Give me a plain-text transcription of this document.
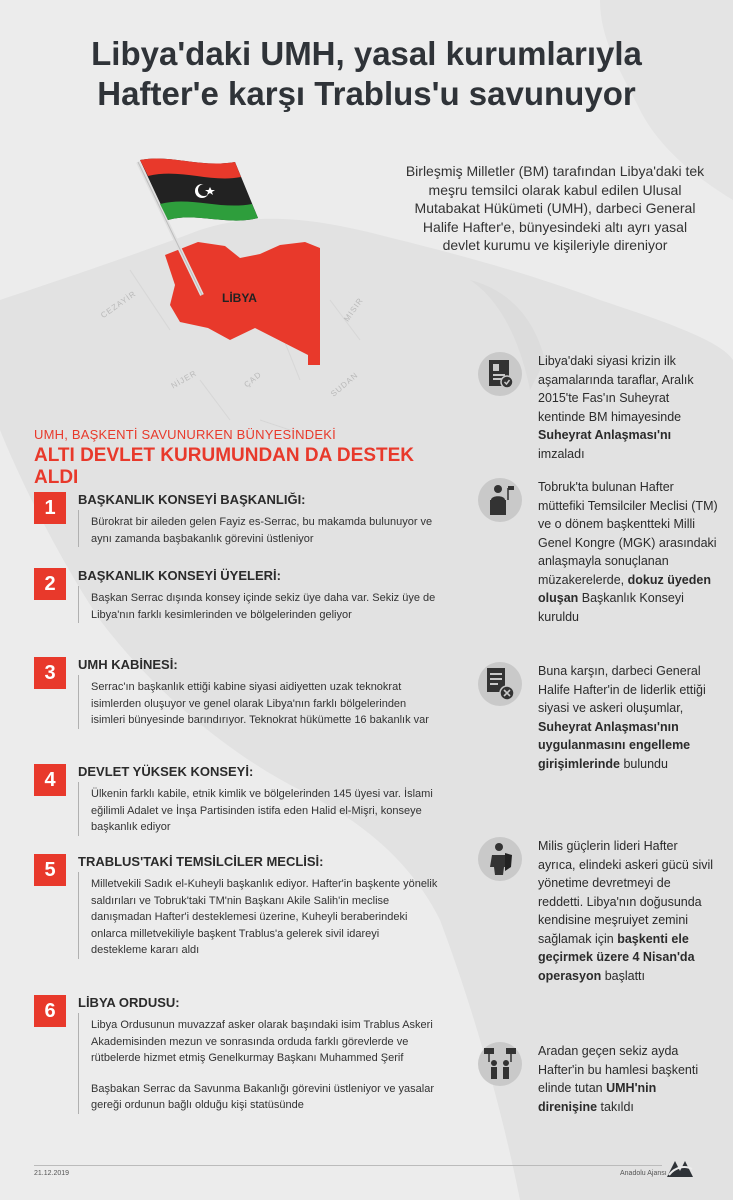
Libya'daki UMH, yasal kurumlarıyla
Hafter'e karşı Trablus'u savunuyor
LİBYA
CEZAYİR	MISIR
NİJER	ÇAD	SUDAN
Birleşmiş Milletler (BM) tarafından Libya'daki tek meşru temsilci olarak kabul edilen Ulusal Mutabakat Hükümeti (UMH), darbeci General Halife Hafter'e, bünyesindeki altı ayrı yasal devlet kurumu ve kişileriyle direniyor
UMH, BAŞKENTİ SAVUNURKEN BÜNYESİNDEKİ
ALTI DEVLET KURUMUNDAN DA DESTEK ALDI
1	BAŞKANLIK KONSEYİ BAŞKANLIĞI:

Bürokrat bir aileden gelen Fayiz es-Serrac, bu makamda bulunuyor ve aynı zamanda başbakanlık görevini üstleniyor

2	BAŞKANLIK KONSEYİ ÜYELERİ:

Başkan Serrac dışında konsey içinde sekiz üye daha var. Sekiz üye de Libya'nın farklı kesimlerinden ve bölgelerinden geliyor

3	UMH KABİNESİ:

Serrac'ın başkanlık ettiği kabine siyasi aidiyetten uzak teknokrat isimlerden oluşuyor ve genel olarak Libya'nın farklı bölgelerinden isimleri bünyesinde barındırıyor. Teknokrat hükümette 16 bakanlık var

4	DEVLET YÜKSEK KONSEYİ:

Ülkenin farklı kabile, etnik kimlik ve bölgelerinden 145 üyesi var. İslami eğilimli Adalet ve İnşa Partisinden istifa eden Halid el-Mişri, konseye başkanlık ediyor

5	TRABLUS'TAKİ TEMSİLCİLER MECLİSİ:

Milletvekili Sadık el-Kuheyli başkanlık ediyor. Hafter'in başkente yönelik saldırıları ve Tobruk'taki TM'nin Başkanı Akile Salih'in meclise danışmadan Hafter'i desteklemesi üzerine, Kuheyli beraberindeki onlarca milletvekiliyle başkent Trablus'a gelerek sivil idareyi destekleme kararı aldı

6	LİBYA ORDUSU:

Libya Ordusunun muvazzaf asker olarak başındaki isim Trablus Askeri Akademisinden mezun ve sonrasında orduda farklı görevlerde ve rütbelerde hizmet etmiş Genelkurmay Başkanı Muhammed Şerif

Başbakan Serrac da Savunma Bakanlığı görevini üstleniyor ve yasalar gereği ordunun bağlı olduğu kişi statüsünde

Libya'daki siyasi krizin ilk aşamalarında taraflar, Aralık 2015'te Fas'ın Suheyrat kentinde BM himayesinde Suheyrat Anlaşması'nı imzaladı
Tobruk'ta bulunan Hafter müttefiki Temsilciler Meclisi (TM) ve o dönem başkentteki Milli Genel Kongre (MGK) arasındaki anlaşmayla sonuçlanan müzakerelerde, dokuz üyeden oluşan Başkanlık Konseyi kuruldu
Buna karşın, darbeci General Halife Hafter'in de liderlik ettiği siyasi ve askeri oluşumlar, Suheyrat Anlaşması'nın uygulanmasını engelleme girişimlerinde bulundu
Milis güçlerin lideri Hafter ayrıca, elindeki askeri gücü sivil yönetime devretmeyi de reddetti. Libya'nın doğusunda kendisine meşruiyet zemini sağlamak için başkenti ele geçirmek üzere 4 Nisan'da operasyon başlattı
Aradan geçen sekiz ayda Hafter'in bu hamlesi başkenti elinde tutan UMH'nin direnişine takıldı
21.12.2019	Anadolu Ajansı
